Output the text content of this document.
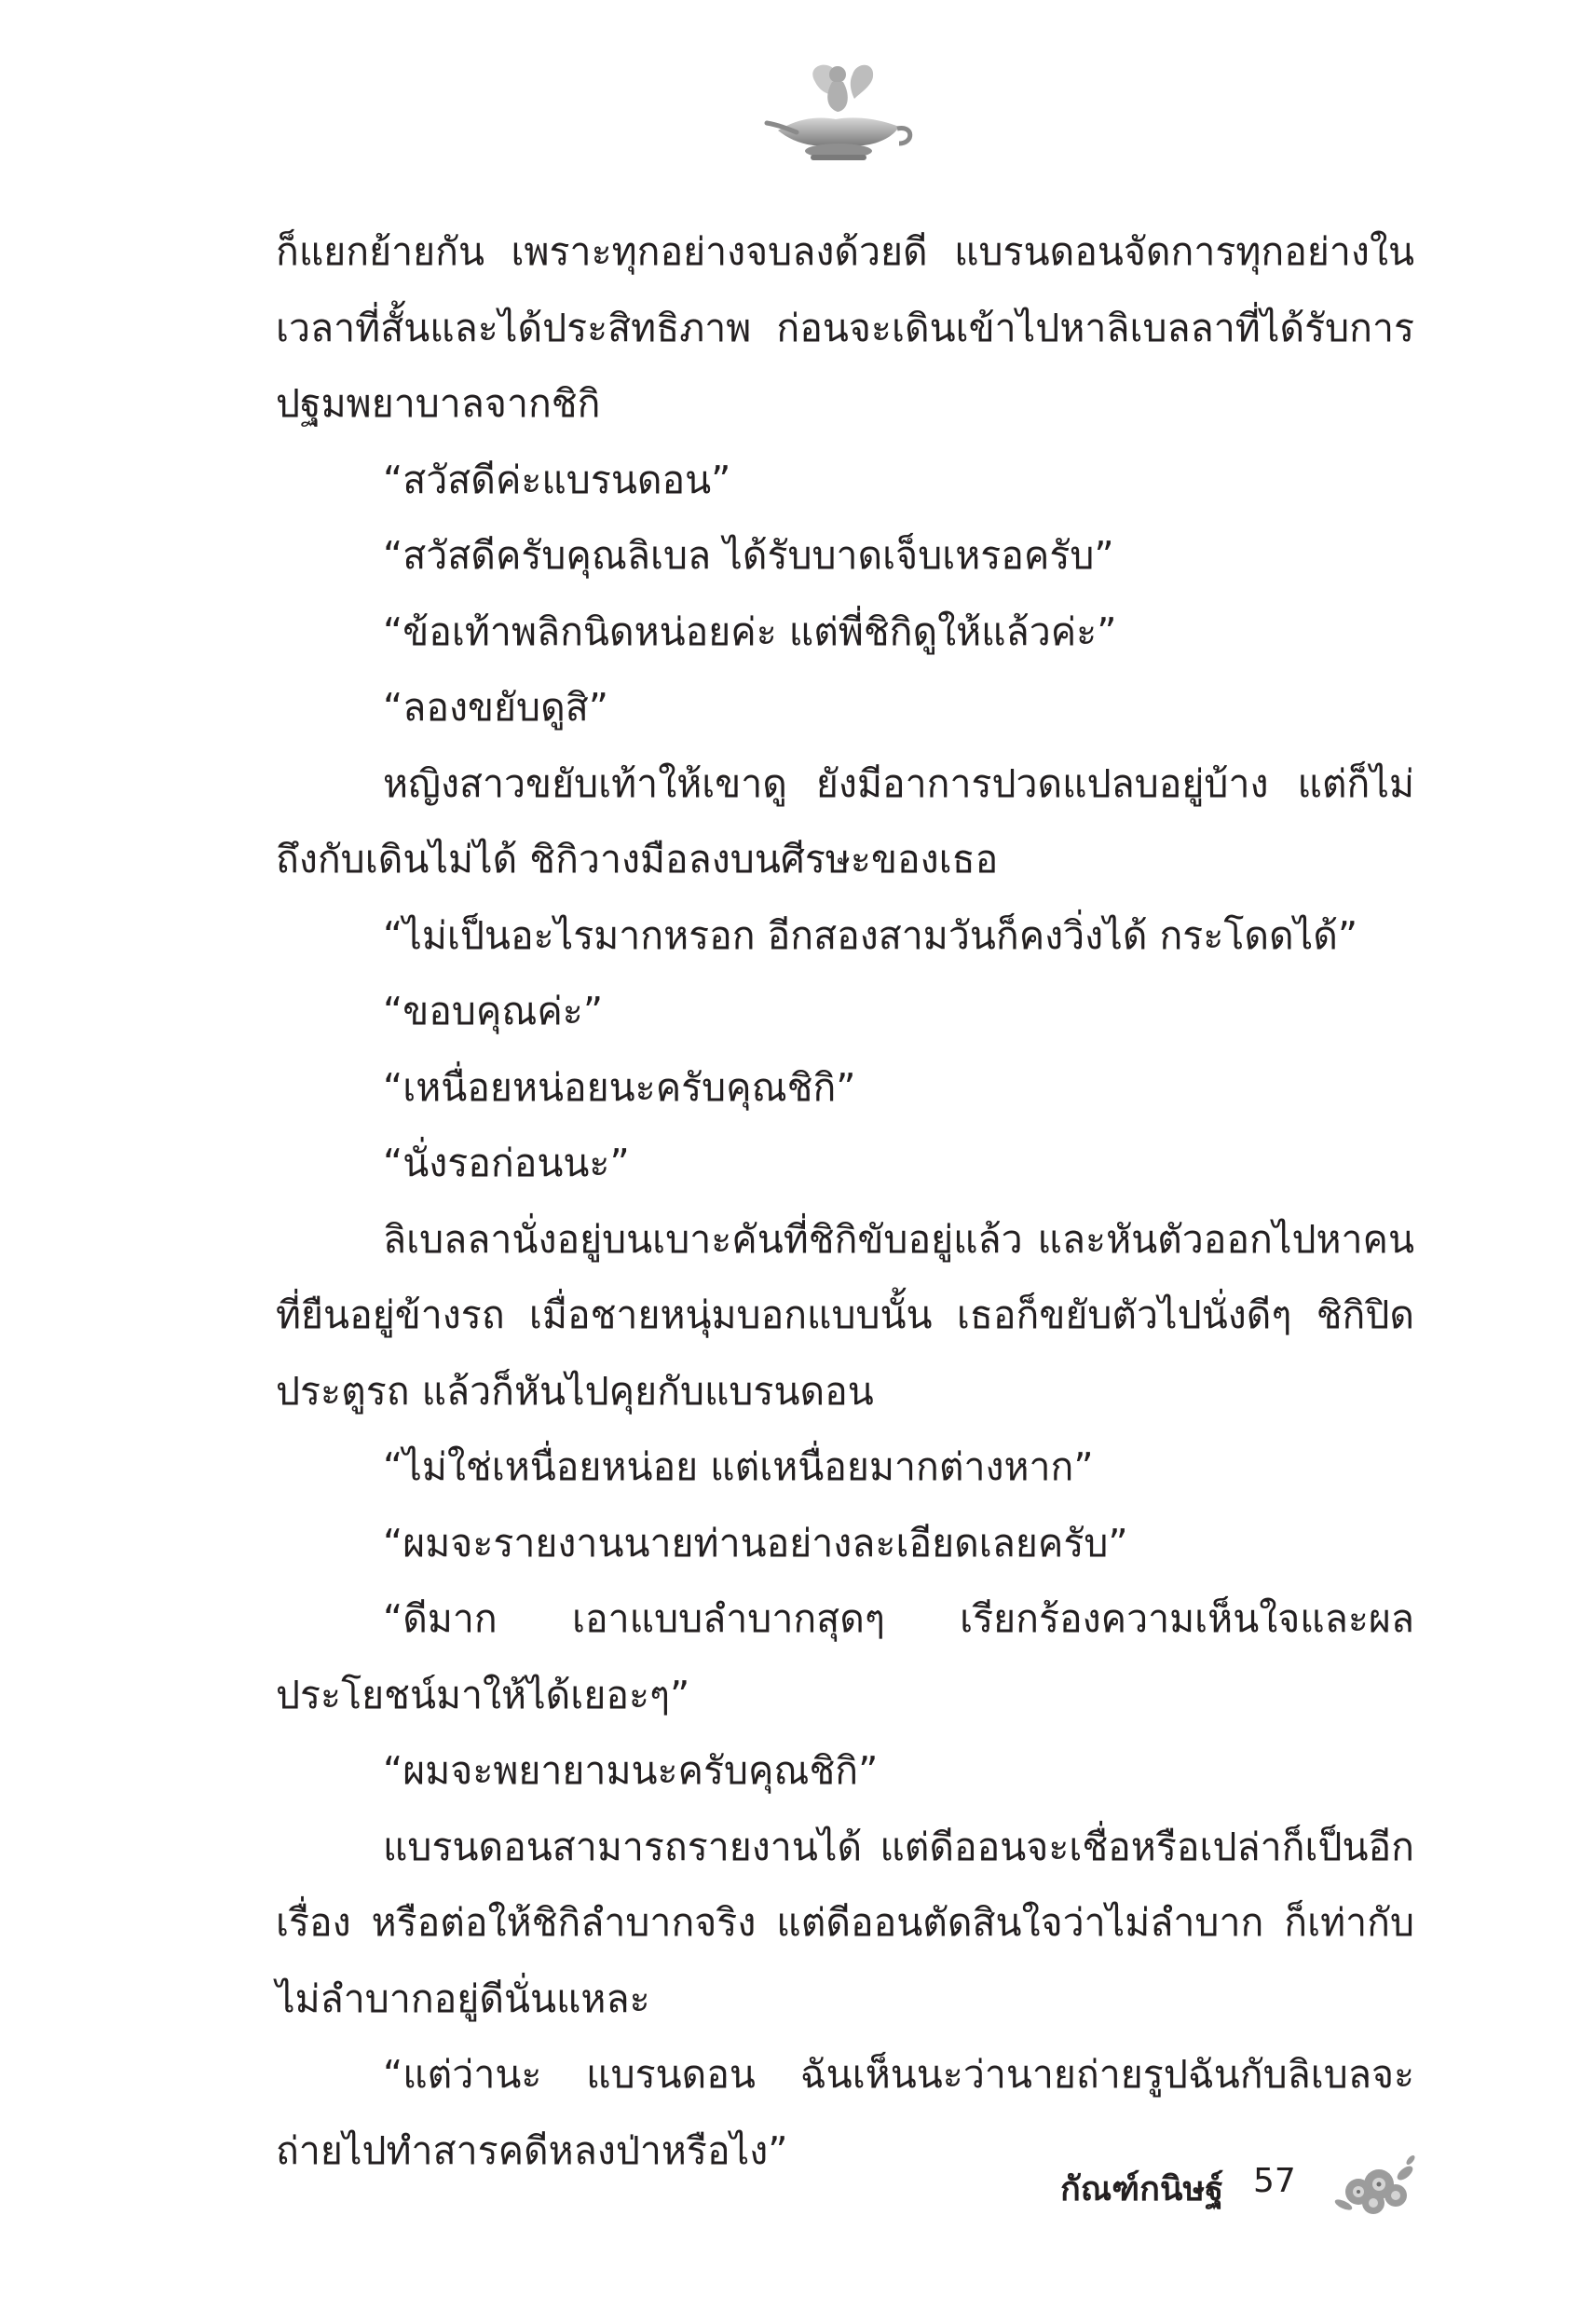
ก็แยกย้ายกัน เพราะทุกอย่างจบลงด้วยดี แบรนดอนจัดการทุกอย่างในเวลาที่สั้นและได้ประสิทธิภาพ ก่อนจะเดินเข้าไปหาลิเบลลาที่ได้รับการปฐมพยาบาลจากชิกิ

“สวัสดีค่ะแบรนดอน”

“สวัสดีครับคุณลิเบล ได้รับบาดเจ็บเหรอครับ”

“ข้อเท้าพลิกนิดหน่อยค่ะ แต่พี่ชิกิดูให้แล้วค่ะ”

“ลองขยับดูสิ”

หญิงสาวขยับเท้าให้เขาดู ยังมีอาการปวดแปลบอยู่บ้าง แต่ก็ไม่ถึงกับเดินไม่ได้ ชิกิวางมือลงบนศีรษะของเธอ

“ไม่เป็นอะไรมากหรอก อีกสองสามวันก็คงวิ่งได้ กระโดดได้”

“ขอบคุณค่ะ”

“เหนื่อยหน่อยนะครับคุณชิกิ”

“นั่งรอก่อนนะ”

ลิเบลลานั่งอยู่บนเบาะคันที่ชิกิขับอยู่แล้ว และหันตัวออกไปหาคนที่ยืนอยู่ข้างรถ เมื่อชายหนุ่มบอกแบบนั้น เธอก็ขยับตัวไปนั่งดีๆ ชิกิปิดประตูรถ แล้วก็หันไปคุยกับแบรนดอน

“ไม่ใช่เหนื่อยหน่อย แต่เหนื่อยมากต่างหาก”

“ผมจะรายงานนายท่านอย่างละเอียดเลยครับ”

“ดีมาก เอาแบบลำบากสุดๆ เรียกร้องความเห็นใจและผลประโยชน์มาให้ได้เยอะๆ”

“ผมจะพยายามนะครับคุณชิกิ”

แบรนดอนสามารถรายงานได้ แต่ดีออนจะเชื่อหรือเปล่าก็เป็นอีกเรื่อง หรือต่อให้ชิกิลำบากจริง แต่ดีออนตัดสินใจว่าไม่ลำบาก ก็เท่ากับไม่ลำบากอยู่ดีนั่นแหละ

“แต่ว่านะ แบรนดอน ฉันเห็นนะว่านายถ่ายรูปฉันกับลิเบลจะถ่ายไปทำสารคดีหลงป่าหรือไง”

กัณฑ์กนิษฐ์ 57
